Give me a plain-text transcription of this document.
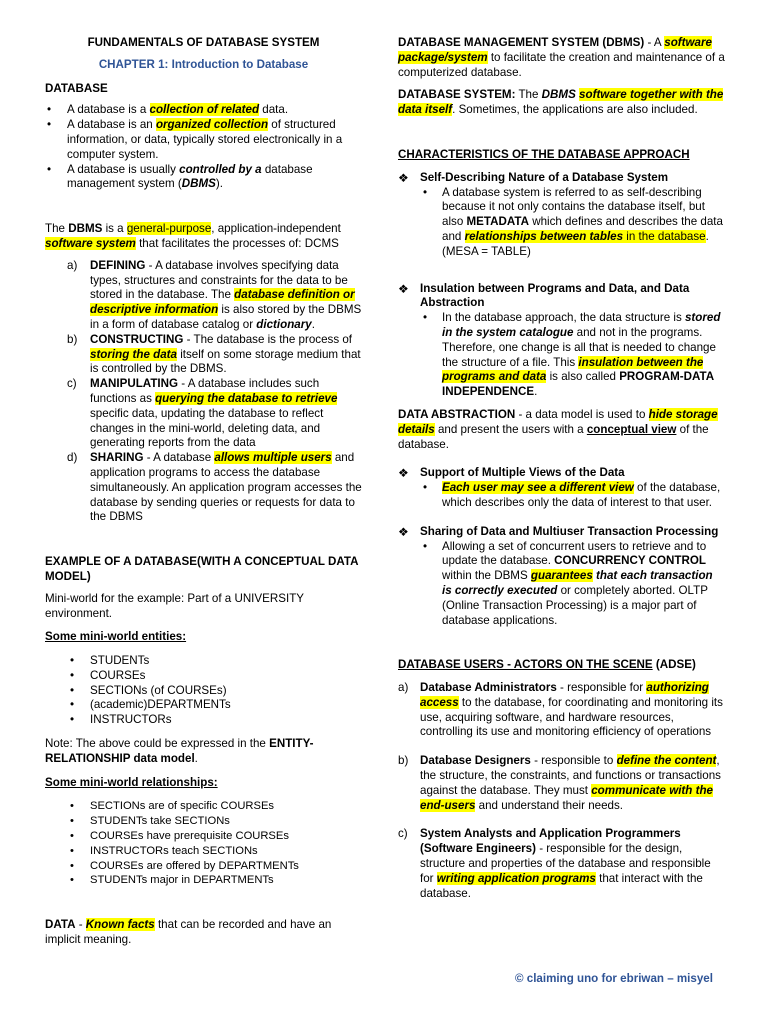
FUNDAMENTALS OF DATABASE SYSTEM

CHAPTER 1: Introduction to Database

DATABASE

• A database is a collection of related data.
• A database is an organized collection of structured information, or data, typically stored electronically in a computer system.
• A database is usually controlled by a database management system (DBMS).

The DBMS is a general-purpose, application-independent software system that facilitates the processes of: DCMS

a) DEFINING - A database involves specifying data types, structures and constraints for the data to be stored in the database. The database definition or descriptive information is also stored by the DBMS in a form of database catalog or dictionary.
b) CONSTRUCTING - The database is the process of storing the data itself on some storage medium that is controlled by the DBMS.
c) MANIPULATING - A database includes such functions as querying the database to retrieve specific data, updating the database to reflect changes in the mini-world, deleting data, and generating reports from the data
d) SHARING - A database allows multiple users and application programs to access the database simultaneously. An application program accesses the database by sending queries or requests for data to the DBMS

EXAMPLE OF A DATABASE(WITH A CONCEPTUAL DATA MODEL)

Mini-world for the example: Part of a UNIVERSITY environment.

Some mini-world entities:

• STUDENTs
• COURSEs
• SECTIONs (of COURSEs)
• (academic)DEPARTMENTs
• INSTRUCTORs

Note: The above could be expressed in the ENTITY-RELATIONSHIP data model.

Some mini-world relationships:

• SECTIONs are of specific COURSEs
• STUDENTs take SECTIONs
• COURSEs have prerequisite COURSEs
• INSTRUCTORs teach SECTIONs
• COURSEs are offered by DEPARTMENTs
• STUDENTs major in DEPARTMENTs

DATA - Known facts that can be recorded and have an implicit meaning.

DATABASE MANAGEMENT SYSTEM (DBMS) - A software package/system to facilitate the creation and maintenance of a computerized database.

DATABASE SYSTEM: The DBMS software together with the data itself. Sometimes, the applications are also included.

CHARACTERISTICS OF THE DATABASE APPROACH

❖ Self-Describing Nature of a Database System
• A database system is referred to as self-describing because it not only contains the database itself, but also METADATA which defines and describes the data and relationships between tables in the database. (MESA = TABLE)
❖ Insulation between Programs and Data, and Data Abstraction
• In the database approach, the data structure is stored in the system catalogue and not in the programs. Therefore, one change is all that is needed to change the structure of a file. This insulation between the programs and data is also called PROGRAM-DATA INDEPENDENCE.

DATA ABSTRACTION - a data model is used to hide storage details and present the users with a conceptual view of the database.

❖ Support of Multiple Views of the Data
• Each user may see a different view of the database, which describes only the data of interest to that user.
❖ Sharing of Data and Multiuser Transaction Processing
• Allowing a set of concurrent users to retrieve and to update the database. CONCURRENCY CONTROL within the DBMS guarantees that each transaction is correctly executed or completely aborted. OLTP (Online Transaction Processing) is a major part of database applications.

DATABASE USERS - ACTORS ON THE SCENE (ADSE)

a) Database Administrators - responsible for authorizing access to the database, for coordinating and monitoring its use, acquiring software, and hardware resources, controlling its use and monitoring efficiency of operations
b) Database Designers - responsible to define the content, the structure, the constraints, and functions or transactions against the database. They must communicate with the end-users and understand their needs.
c) System Analysts and Application Programmers (Software Engineers) - responsible for the design, structure and properties of the database and responsible for writing application programs that interact with the database.
© claiming uno for ebriwan – misyel
